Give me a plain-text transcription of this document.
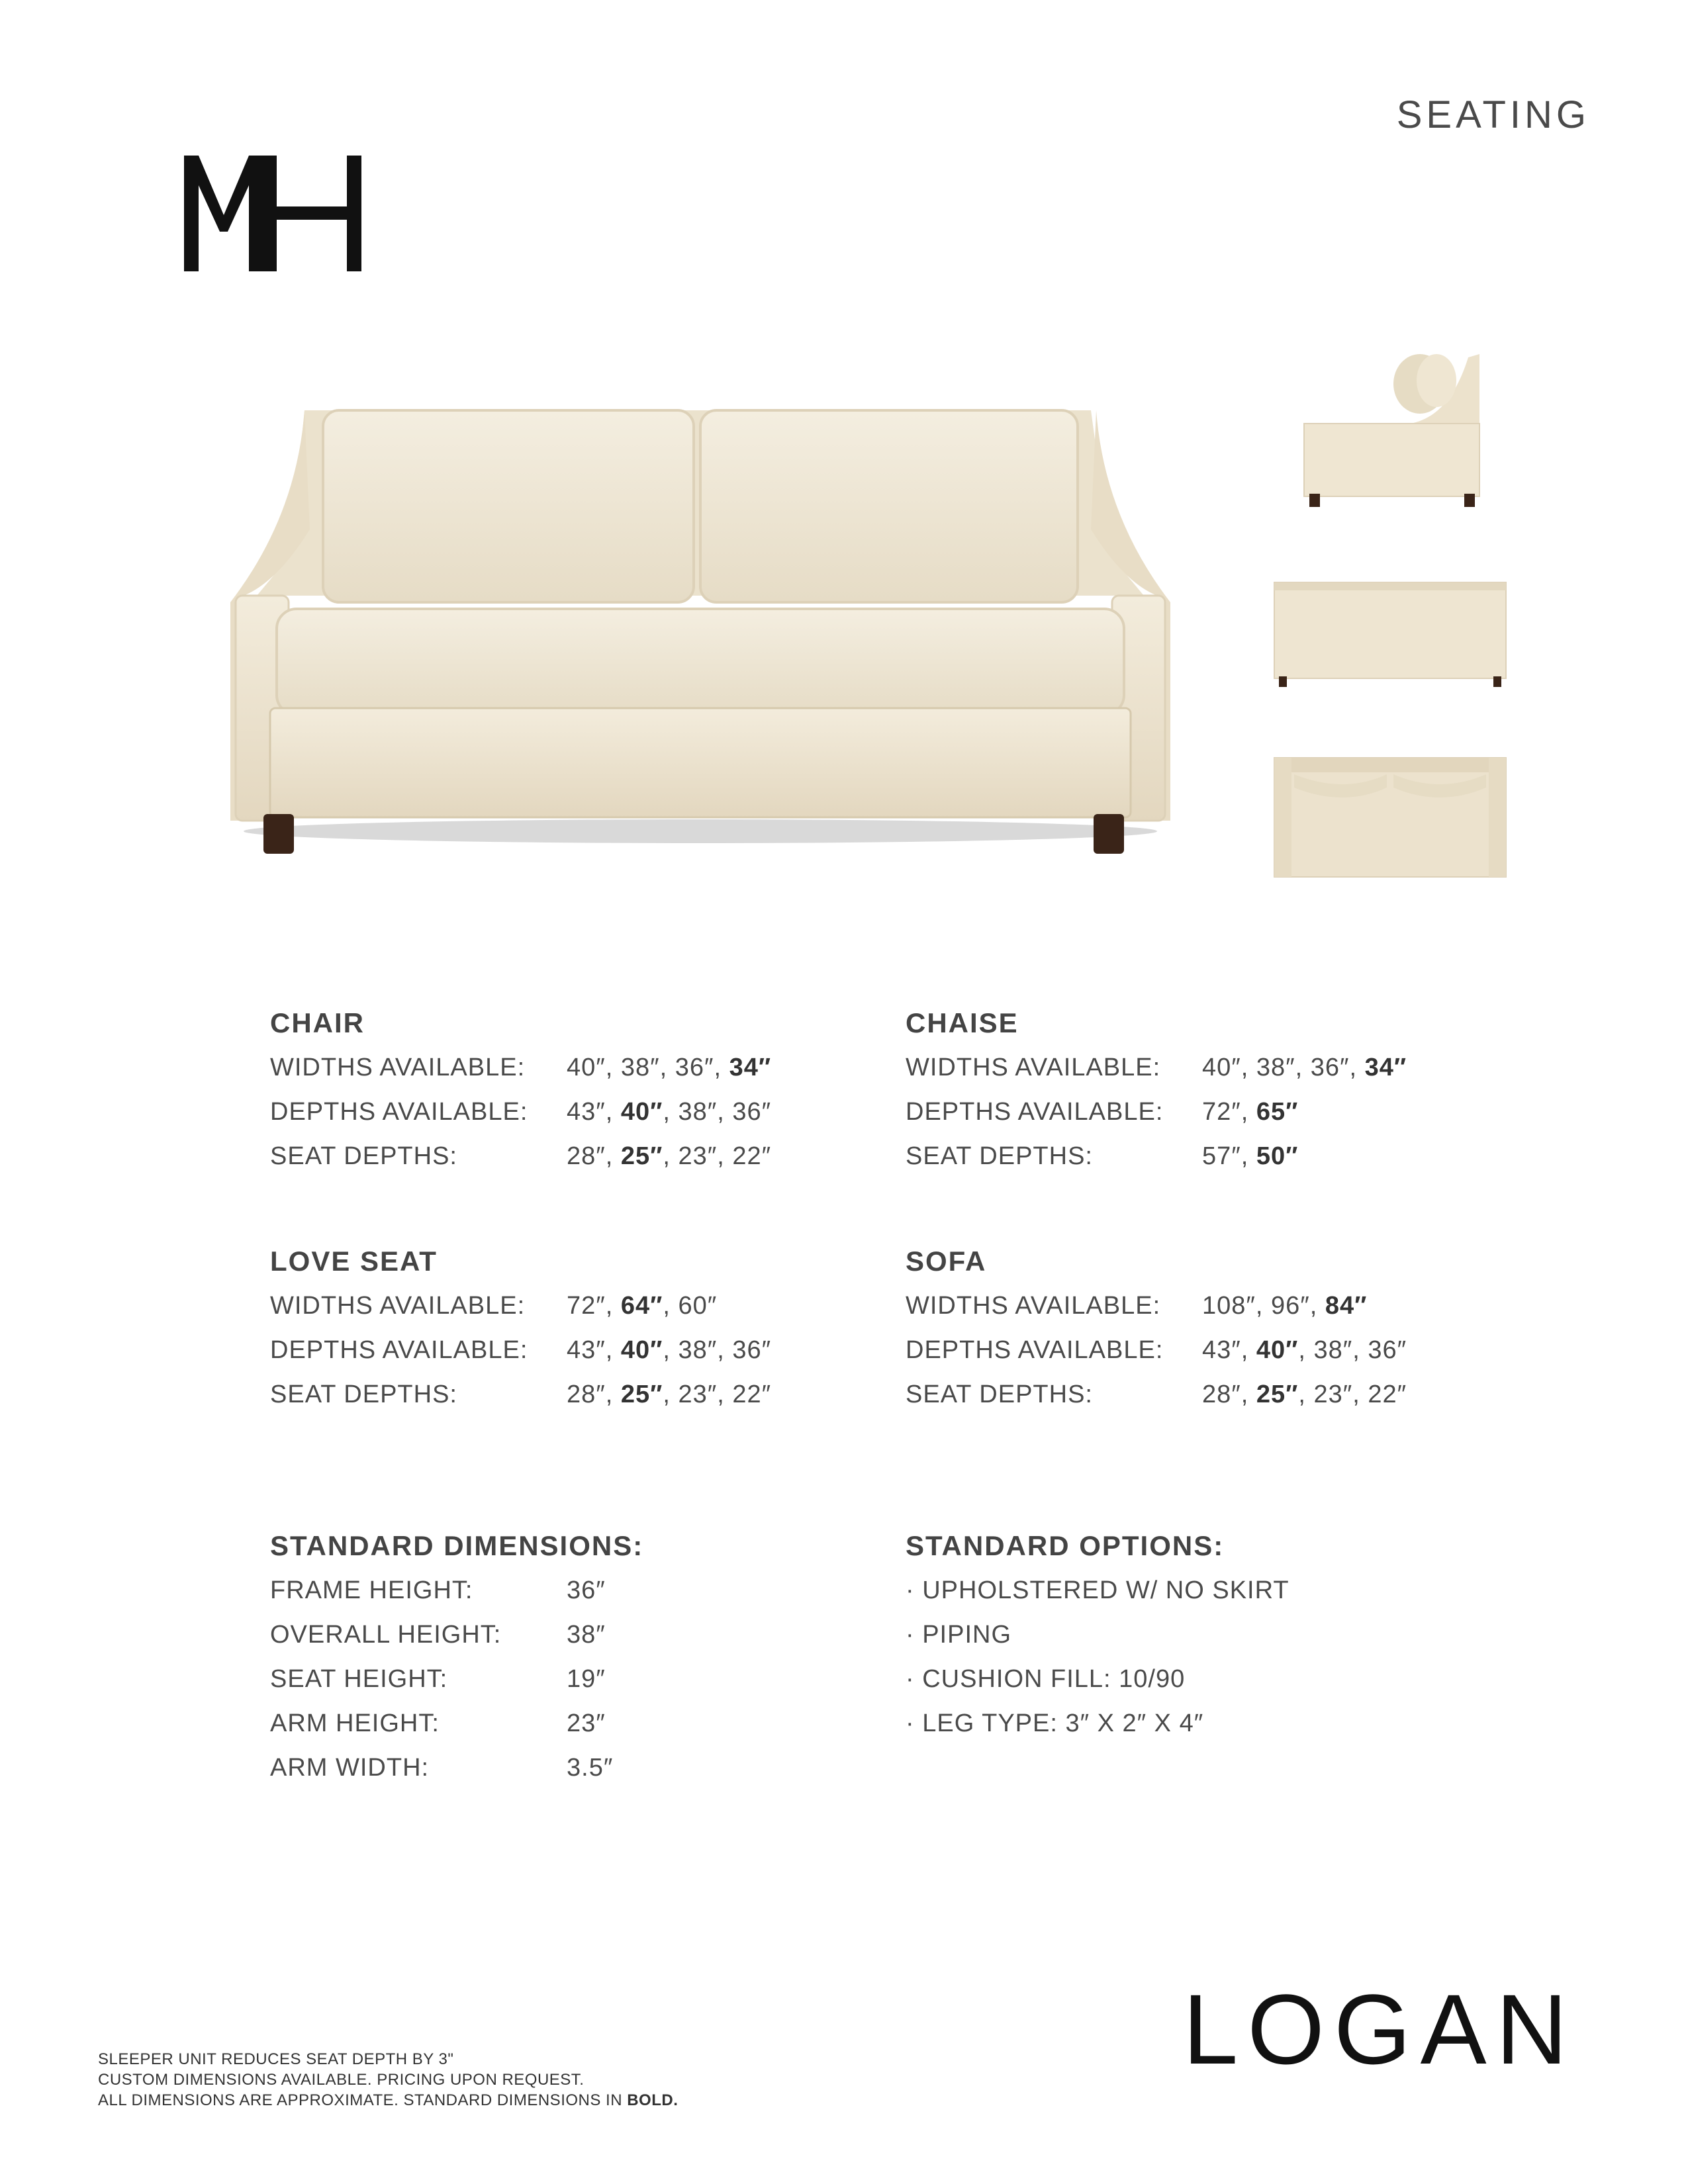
SEATING
CHAIR
WIDTHS AVAILABLE:	40″, 38″, 36″, 34″
DEPTHS AVAILABLE:	43″, 40″, 38″, 36″
SEAT DEPTHS:	28″, 25″, 23″, 22″
CHAISE
WIDTHS AVAILABLE:	40″, 38″, 36″, 34″
DEPTHS AVAILABLE:	72″, 65″
SEAT DEPTHS:	57″, 50″
LOVE SEAT
WIDTHS AVAILABLE:	72″, 64″, 60″
DEPTHS AVAILABLE:	43″, 40″, 38″, 36″
SEAT DEPTHS:	28″, 25″, 23″, 22″
SOFA
WIDTHS AVAILABLE:	108″, 96″, 84″
DEPTHS AVAILABLE:	43″, 40″, 38″, 36″
SEAT DEPTHS:	28″, 25″, 23″, 22″
STANDARD DIMENSIONS:
FRAME HEIGHT:	36″
OVERALL HEIGHT:	38″
SEAT HEIGHT:	19″
ARM HEIGHT:	23″
ARM WIDTH:	3.5″
STANDARD OPTIONS:
· UPHOLSTERED W/ NO SKIRT
· PIPING
· CUSHION FILL: 10/90
· LEG TYPE: 3″ X 2″ X 4″
LOGAN
SLEEPER UNIT REDUCES SEAT DEPTH BY 3"
CUSTOM DIMENSIONS AVAILABLE. PRICING UPON REQUEST.
ALL DIMENSIONS ARE APPROXIMATE. STANDARD DIMENSIONS IN BOLD.
